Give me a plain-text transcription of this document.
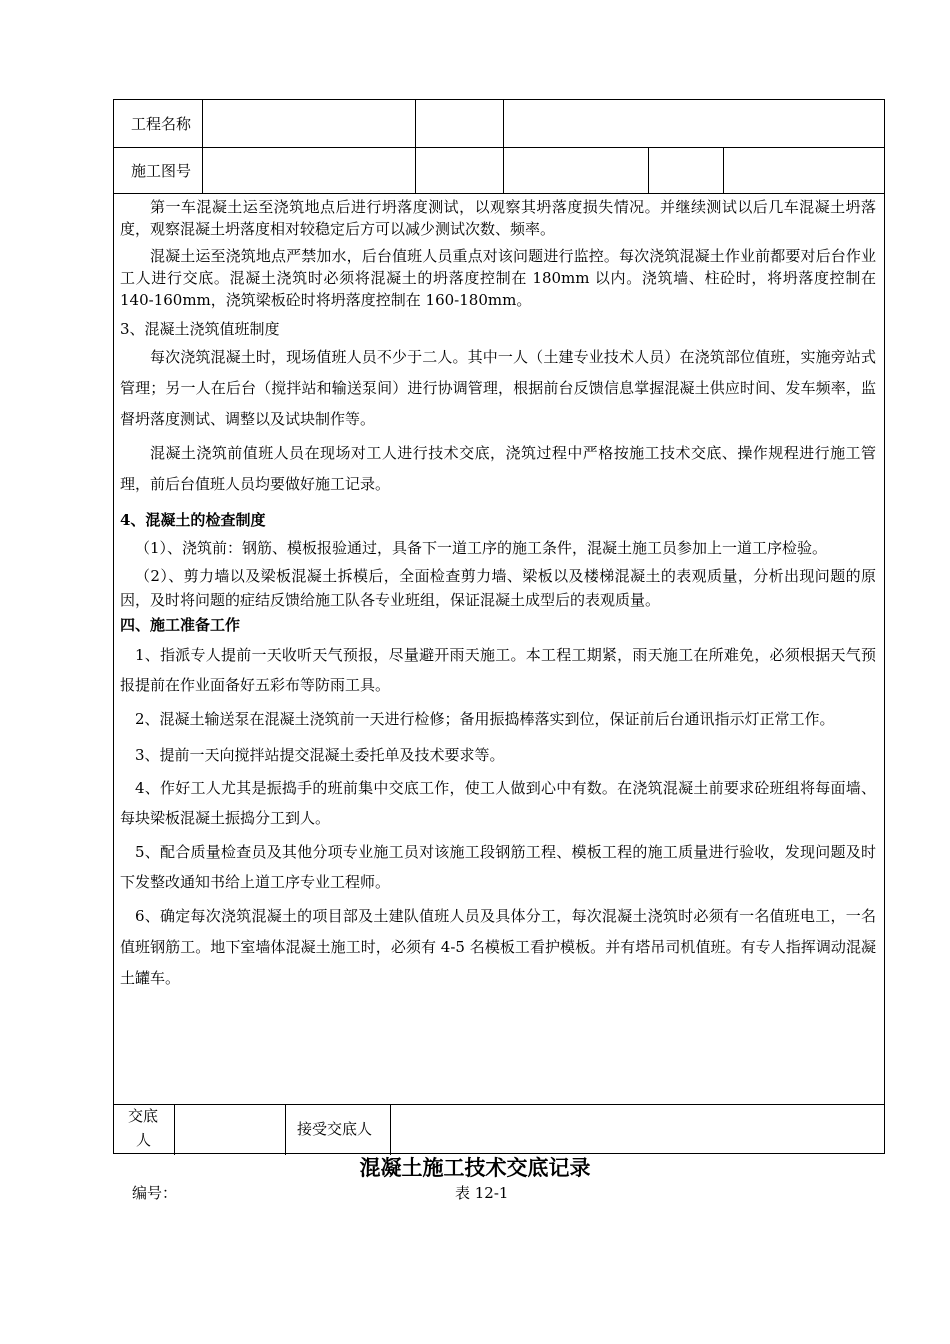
工程名称
施工图号

第一车混凝土运至浇筑地点后进行坍落度测试，以观察其坍落度损失情况。并继续测试以后几车混凝土坍落度，观察混凝土坍落度相对较稳定后方可以减少测试次数、频率。

混凝土运至浇筑地点严禁加水，后台值班人员重点对该问题进行监控。每次浇筑混凝土作业前都要对后台作业工人进行交底。混凝土浇筑时必须将混凝土的坍落度控制在 180mm 以内。浇筑墙、柱砼时，将坍落度控制在 140-160mm，浇筑梁板砼时将坍落度控制在 160-180mm。

3、混凝土浇筑值班制度

每次浇筑混凝土时，现场值班人员不少于二人。其中一人（土建专业技术人员）在浇筑部位值班，实施旁站式管理；另一人在后台（搅拌站和输送泵间）进行协调管理，根据前台反馈信息掌握混凝土供应时间、发车频率，监督坍落度测试、调整以及试块制作等。

混凝土浇筑前值班人员在现场对工人进行技术交底，浇筑过程中严格按施工技术交底、操作规程进行施工管理，前后台值班人员均要做好施工记录。

4、混凝土的检查制度

（1）、浇筑前：钢筋、模板报验通过，具备下一道工序的施工条件，混凝土施工员参加上一道工序检验。

（2）、剪力墙以及梁板混凝土拆模后，全面检查剪力墙、梁板以及楼梯混凝土的表观质量，分析出现问题的原因，及时将问题的症结反馈给施工队各专业班组，保证混凝土成型后的表观质量。

四、施工准备工作

1、指派专人提前一天收听天气预报，尽量避开雨天施工。本工程工期紧，雨天施工在所难免，必须根据天气预报提前在作业面备好五彩布等防雨工具。

2、混凝土输送泵在混凝土浇筑前一天进行检修；备用振捣棒落实到位，保证前后台通讯指示灯正常工作。

3、提前一天向搅拌站提交混凝土委托单及技术要求等。

4、作好工人尤其是振捣手的班前集中交底工作，使工人做到心中有数。在浇筑混凝土前要求砼班组将每面墙、每块梁板混凝土振捣分工到人。

5、配合质量检查员及其他分项专业施工员对该施工段钢筋工程、模板工程的施工质量进行验收，发现问题及时下发整改通知书给上道工序专业工程师。

6、确定每次浇筑混凝土的项目部及土建队值班人员及具体分工，每次混凝土浇筑时必须有一名值班电工，一名值班钢筋工。地下室墙体混凝土施工时，必须有 4-5 名模板工看护模板。并有塔吊司机值班。有专人指挥调动混凝土罐车。

交底
人
接受交底人
混凝土施工技术交底记录
编号：	表 12-1
